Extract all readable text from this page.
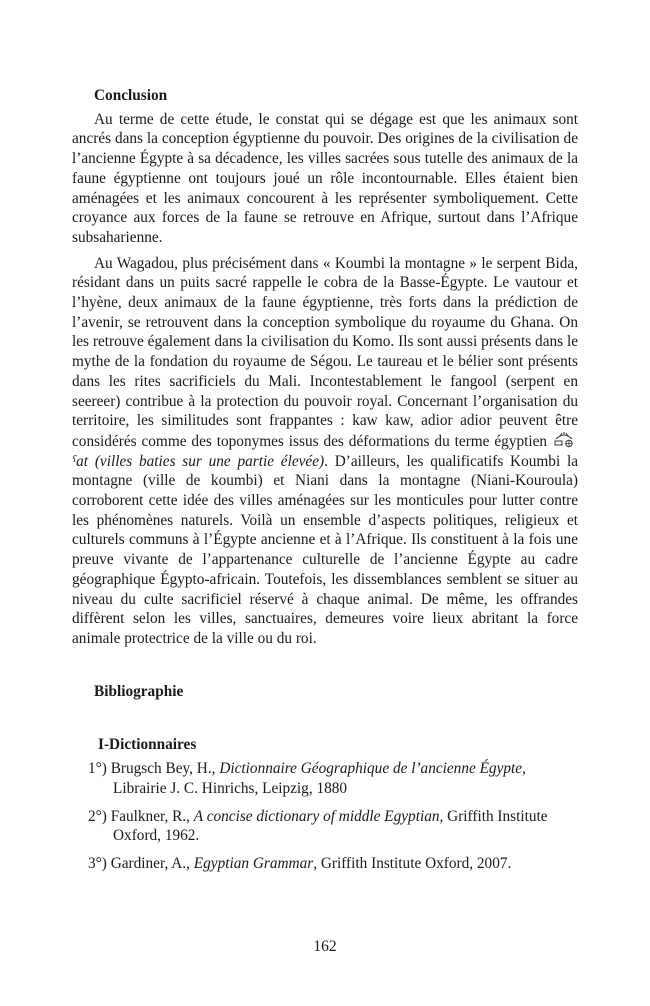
Conclusion

Au terme de cette étude, le constat qui se dégage est que les animaux sont ancrés dans la conception égyptienne du pouvoir. Des origines de la civilisation de l’ancienne Égypte à sa décadence, les villes sacrées sous tutelle des animaux de la faune égyptienne ont toujours joué un rôle incontournable. Elles étaient bien aménagées et les animaux concourent à les représenter symboliquement. Cette croyance aux forces de la faune se retrouve en Afrique, surtout dans l’Afrique subsaharienne.

Au Wagadou, plus précisément dans « Koumbi la montagne » le serpent Bida, résidant dans un puits sacré rappelle le cobra de la Basse-Égypte. Le vautour et l’hyène, deux animaux de la faune égyptienne, très forts dans la prédiction de l’avenir, se retrouvent dans la conception symbolique du royaume du Ghana. On les retrouve également dans la civilisation du Komo. Ils sont aussi présents dans le mythe de la fondation du royaume de Ségou. Le taureau et le bélier sont présents dans les rites sacrificiels du Mali. Incontestablement le fangool (serpent en seereer) contribue à la protection du pouvoir royal. Concernant l’organisation du territoire, les similitudes sont frappantes : kaw kaw, adior adior peuvent être considérés comme des toponymes issus des déformations du terme égyptien ˁat (villes baties sur une partie élevée). D’ailleurs, les qualificatifs Koumbi la montagne (ville de koumbi) et Niani dans la montagne (Niani-Kouroula) corroborent cette idée des villes aménagées sur les monticules pour lutter contre les phénomènes naturels. Voilà un ensemble d’aspects politiques, religieux et culturels communs à l’Égypte ancienne et à l’Afrique. Ils constituent à la fois une preuve vivante de l’appartenance culturelle de l’ancienne Égypte au cadre géographique Égypto-africain. Toutefois, les dissemblances semblent se situer au niveau du culte sacrificiel réservé à chaque animal. De même, les offrandes diffèrent selon les villes, sanctuaires, demeures voire lieux abritant la force animale protectrice de la ville ou du roi.

Bibliographie
I-Dictionnaires

1°) Brugsch Bey, H., Dictionnaire Géographique de l’ancienne Égypte, Librairie J. C. Hinrichs, Leipzig, 1880

2°) Faulkner, R., A concise dictionary of middle Egyptian, Griffith Institute Oxford, 1962.

3°) Gardiner, A., Egyptian Grammar, Griffith Institute Oxford, 2007.

162
